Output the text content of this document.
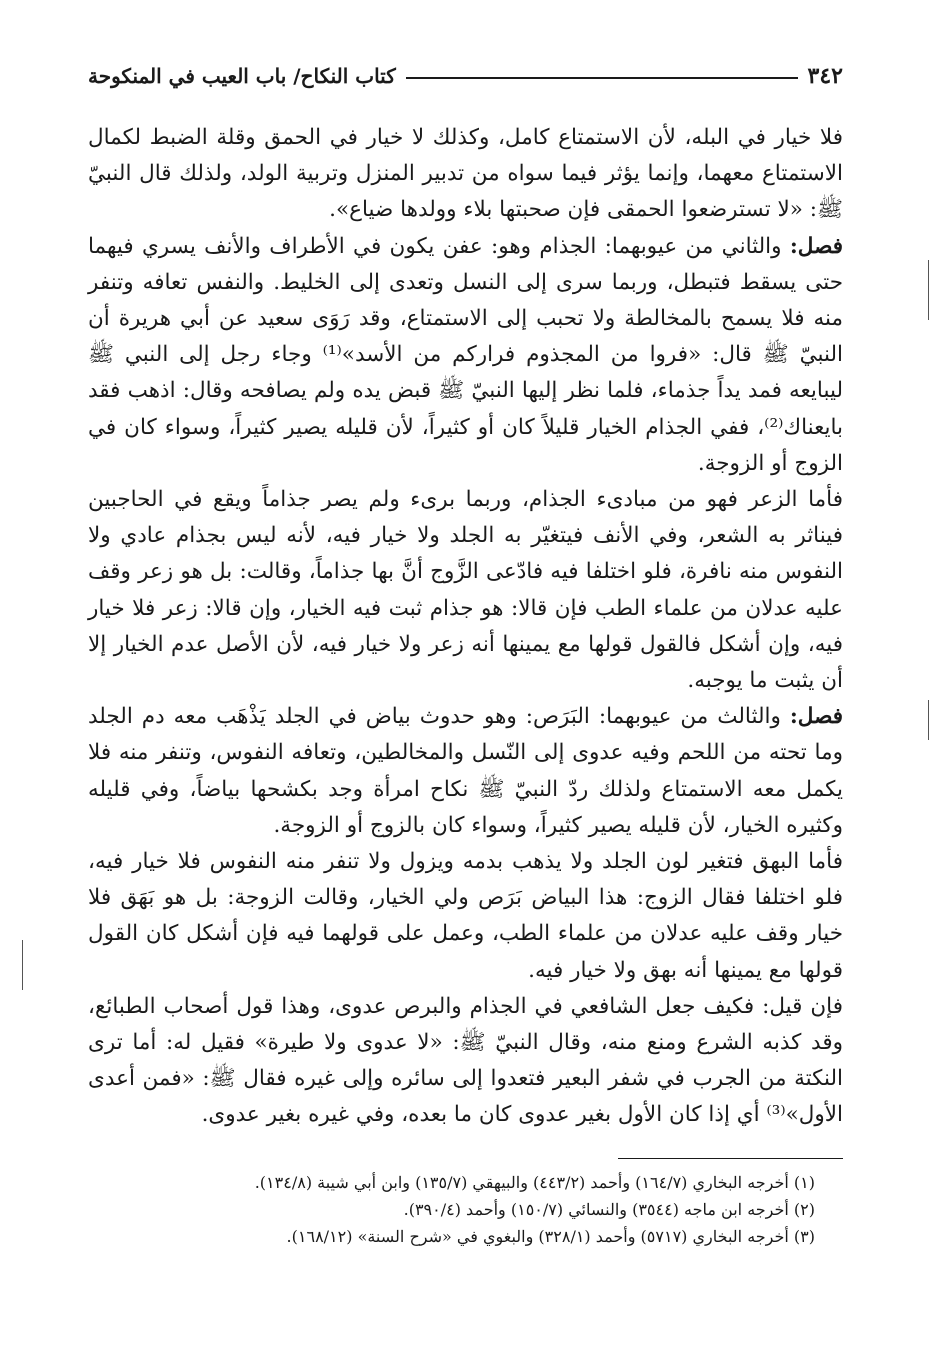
٣٤٢
كتاب النكاح/ باب العيب في المنكوحة

فلا خيار في البله، لأن الاستمتاع كامل، وكذلك لا خيار في الحمق وقلة الضبط لكمال الاستمتاع معهما، وإنما يؤثر فيما سواه من تدبير المنزل وتربية الولد، ولذلك قال النبيّ ﷺ: «لا تسترضعوا الحمقى فإن صحبتها بلاء وولدها ضياع».

فصل: والثاني من عيوبهما: الجذام وهو: عفن يكون في الأطراف والأنف يسري فيهما حتى يسقط فتبطل، وربما سرى إلى النسل وتعدى إلى الخليط. والنفس تعافه وتنفر منه فلا يسمح بالمخالطة ولا تحبب إلى الاستمتاع، وقد رَوَى سعيد عن أبي هريرة أن النبيّ ﷺ قال: «فروا من المجذوم فراركم من الأسد»⁽¹⁾ وجاء رجل إلى النبي ﷺ ليبايعه فمد يداً جذماء، فلما نظر إليها النبيّ ﷺ قبض يده ولم يصافحه وقال: اذهب فقد بايعناك⁽²⁾، ففي الجذام الخيار قليلاً كان أو كثيراً، لأن قليله يصير كثيراً، وسواء كان في الزوج أو الزوجة.

فأما الزعر فهو من مبادىء الجذام، وربما برىء ولم يصر جذاماً ويقع في الحاجبين فيناثر به الشعر، وفي الأنف فيتغيّر به الجلد ولا خيار فيه، لأنه ليس بجذام عادي ولا النفوس منه نافرة، فلو اختلفا فيه فادّعى الزَّوج أنَّ بها جذاماً، وقالت: بل هو زعر وقف عليه عدلان من علماء الطب فإن قالا: هو جذام ثبت فيه الخيار، وإن قالا: زعر فلا خيار فيه، وإن أشكل فالقول قولها مع يمينها أنه زعر ولا خيار فيه، لأن الأصل عدم الخيار إلا أن يثبت ما يوجبه.

فصل: والثالث من عيوبهما: البَرَص: وهو حدوث بياض في الجلد يَذْهَب معه دم الجلد وما تحته من اللحم وفيه عدوى إلى النّسل والمخالطين، وتعافه النفوس، وتنفر منه فلا يكمل معه الاستمتاع ولذلك ردّ النبيّ ﷺ نكاح امرأة وجد بكشحها بياضاً، وفي قليله وكثيره الخيار، لأن قليله يصير كثيراً، وسواء كان بالزوج أو الزوجة.

فأما البهق فتغير لون الجلد ولا يذهب بدمه ويزول ولا تنفر منه النفوس فلا خيار فيه، فلو اختلفا فقال الزوج: هذا البياض بَرَص ولي الخيار، وقالت الزوجة: بل هو بَهَق فلا خيار وقف عليه عدلان من علماء الطب، وعمل على قولهما فيه فإن أشكل كان القول قولها مع يمينها أنه بهق ولا خيار فيه.

فإن قيل: فكيف جعل الشافعي في الجذام والبرص عدوى، وهذا قول أصحاب الطبائع، وقد كذبه الشرع ومنع منه، وقال النبيّ ﷺ: «لا عدوى ولا طيرة» فقيل له: أما ترى النكتة من الجرب في شفر البعير فتعدوا إلى سائره وإلى غيره فقال ﷺ: «فمن أعدى الأول»⁽³⁾ أي إذا كان الأول بغير عدوى كان ما بعده، وفي غيره بغير عدوى.

(١) أخرجه البخاري (١٦٤/٧) وأحمد (٤٤٣/٢) والبيهقي (١٣٥/٧) وابن أبي شيبة (١٣٤/٨).

(٢) أخرجه ابن ماجه (٣٥٤٤) والنسائي (١٥٠/٧) وأحمد (٣٩٠/٤).

(٣) أخرجه البخاري (٥٧١٧) وأحمد (٣٢٨/١) والبغوي في «شرح السنة» (١٦٨/١٢).
